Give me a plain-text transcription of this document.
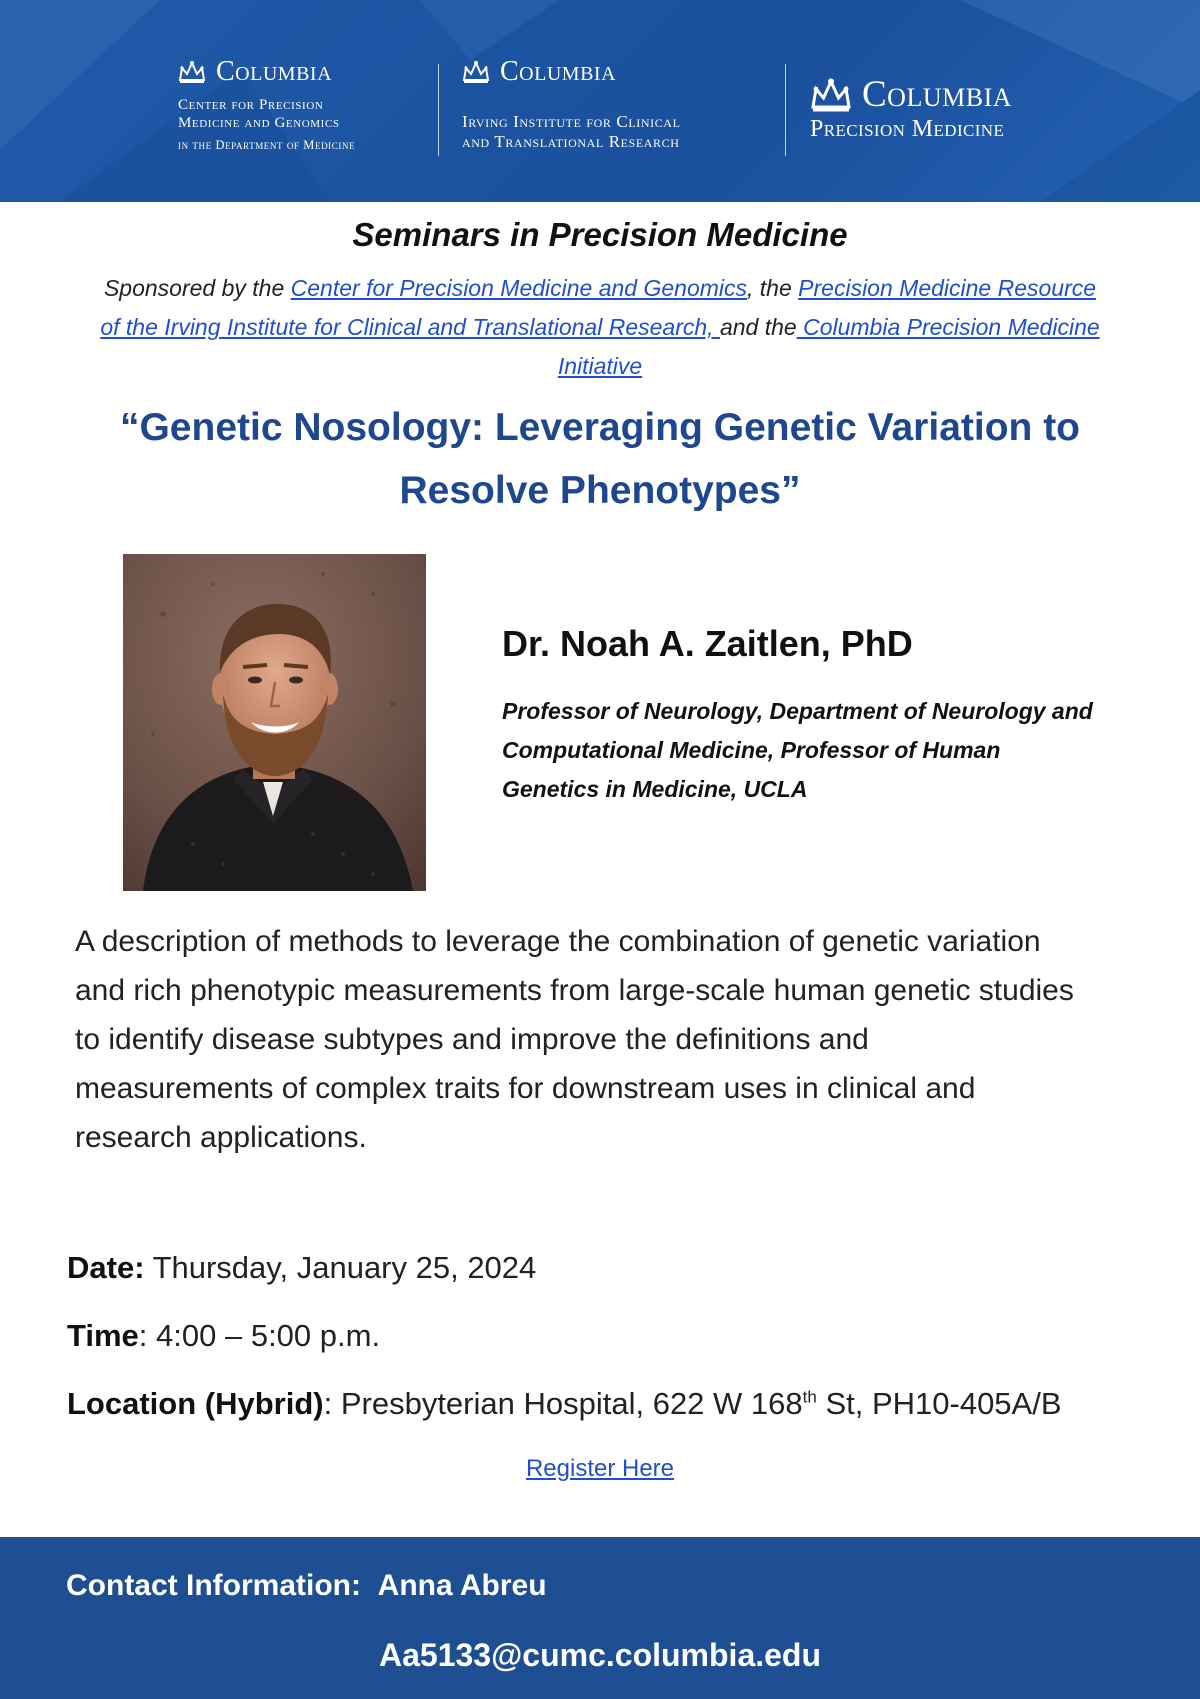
Columbia
Center for Precision
Medicine and Genomics
in the Department of Medicine
Columbia
Irving Institute for Clinical
and Translational Research
Columbia
Precision Medicine
Seminars in Precision Medicine
Sponsored by the Center for Precision Medicine and Genomics, the Precision Medicine Resource of the Irving Institute for Clinical and Translational Research, and the Columbia Precision Medicine Initiative
“Genetic Nosology: Leveraging Genetic Variation to Resolve Phenotypes”
Dr. Noah A. Zaitlen, PhD
Professor of Neurology, Department of Neurology and Computational Medicine, Professor of Human Genetics in Medicine, UCLA
A description of methods to leverage the combination of genetic variation and rich phenotypic measurements from large-scale human genetic studies to identify disease subtypes and improve the definitions and measurements of complex traits for downstream uses in clinical and research applications.
Date: Thursday, January 25, 2024
Time: 4:00 – 5:00 p.m.
Location (Hybrid): Presbyterian Hospital, 622 W 168th St, PH10-405A/B
Register Here
Contact Information: Anna Abreu
Aa5133@cumc.columbia.edu
